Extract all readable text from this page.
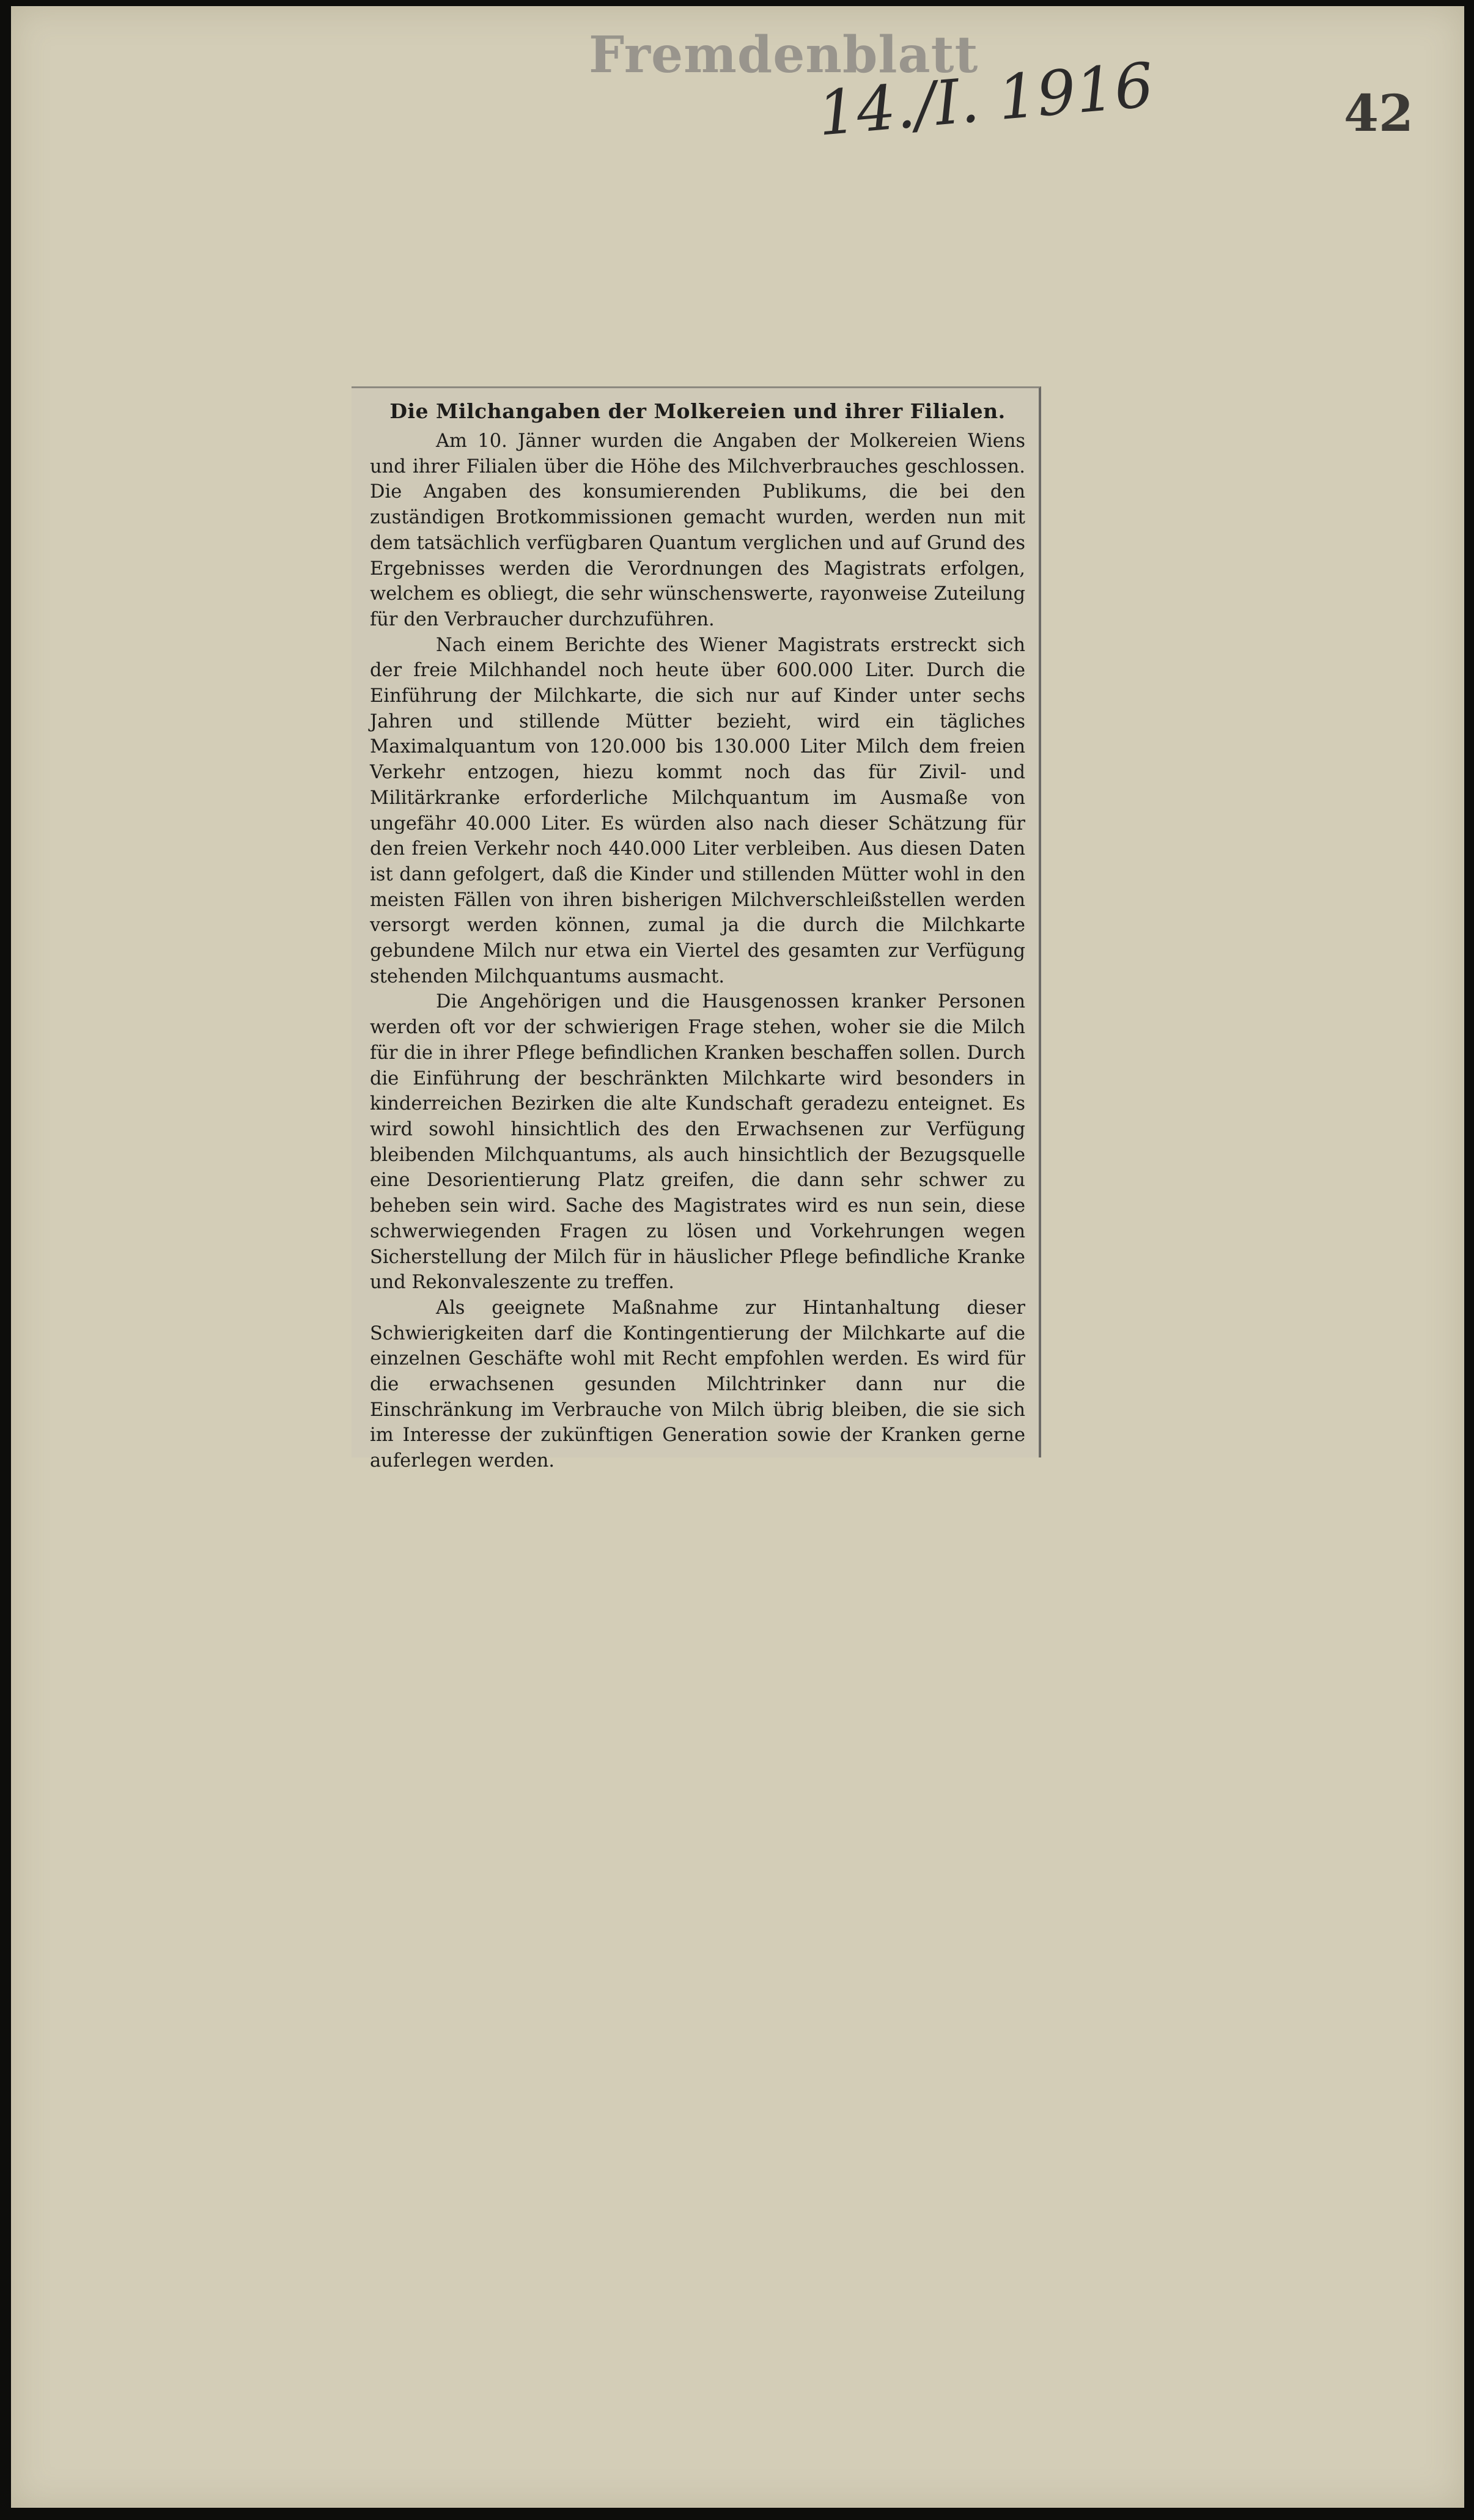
Fremdenblatt
14./I. 1916	42
Die Milchangaben der Molkereien und ihrer Filialen.

Am 10. Jänner wurden die Angaben der Molkereien Wiens und ihrer Filialen über die Höhe des Milchverbrauches geschlossen. Die Angaben des konsumierenden Publikums, die bei den zuständigen Brotkommissionen gemacht wurden, werden nun mit dem tatsächlich verfügbaren Quantum verglichen und auf Grund des Ergebnisses werden die Verordnungen des Magistrats erfolgen, welchem es obliegt, die sehr wünschenswerte, rayonweise Zuteilung für den Verbraucher durchzuführen.

Nach einem Berichte des Wiener Magistrats erstreckt sich der freie Milchhandel noch heute über 600.000 Liter. Durch die Einführung der Milchkarte, die sich nur auf Kinder unter sechs Jahren und stillende Mütter bezieht, wird ein tägliches Maximalquantum von 120.000 bis 130.000 Liter Milch dem freien Verkehr entzogen, hiezu kommt noch das für Zivil- und Militärkranke erforderliche Milchquantum im Ausmaße von ungefähr 40.000 Liter. Es würden also nach dieser Schätzung für den freien Verkehr noch 440.000 Liter verbleiben. Aus diesen Daten ist dann gefolgert, daß die Kinder und stillenden Mütter wohl in den meisten Fällen von ihren bisherigen Milchverschleißstellen werden versorgt werden können, zumal ja die durch die Milchkarte gebundene Milch nur etwa ein Viertel des gesamten zur Verfügung stehenden Milchquantums ausmacht.

Die Angehörigen und die Hausgenossen kranker Personen werden oft vor der schwierigen Frage stehen, woher sie die Milch für die in ihrer Pflege befindlichen Kranken beschaffen sollen. Durch die Einführung der beschränkten Milchkarte wird besonders in kinderreichen Bezirken die alte Kundschaft geradezu enteignet. Es wird sowohl hinsichtlich des den Erwachsenen zur Verfügung bleibenden Milchquantums, als auch hinsichtlich der Bezugsquelle eine Desorientierung Platz greifen, die dann sehr schwer zu beheben sein wird. Sache des Magistrates wird es nun sein, diese schwerwiegenden Fragen zu lösen und Vorkehrungen wegen Sicherstellung der Milch für in häuslicher Pflege befindliche Kranke und Rekonvaleszente zu treffen.

Als geeignete Maßnahme zur Hintanhaltung dieser Schwierigkeiten darf die Kontingentierung der Milchkarte auf die einzelnen Geschäfte wohl mit Recht empfohlen werden. Es wird für die erwachsenen gesunden Milchtrinker dann nur die Einschränkung im Verbrauche von Milch übrig bleiben, die sie sich im Interesse der zukünftigen Generation sowie der Kranken gerne auferlegen werden.
